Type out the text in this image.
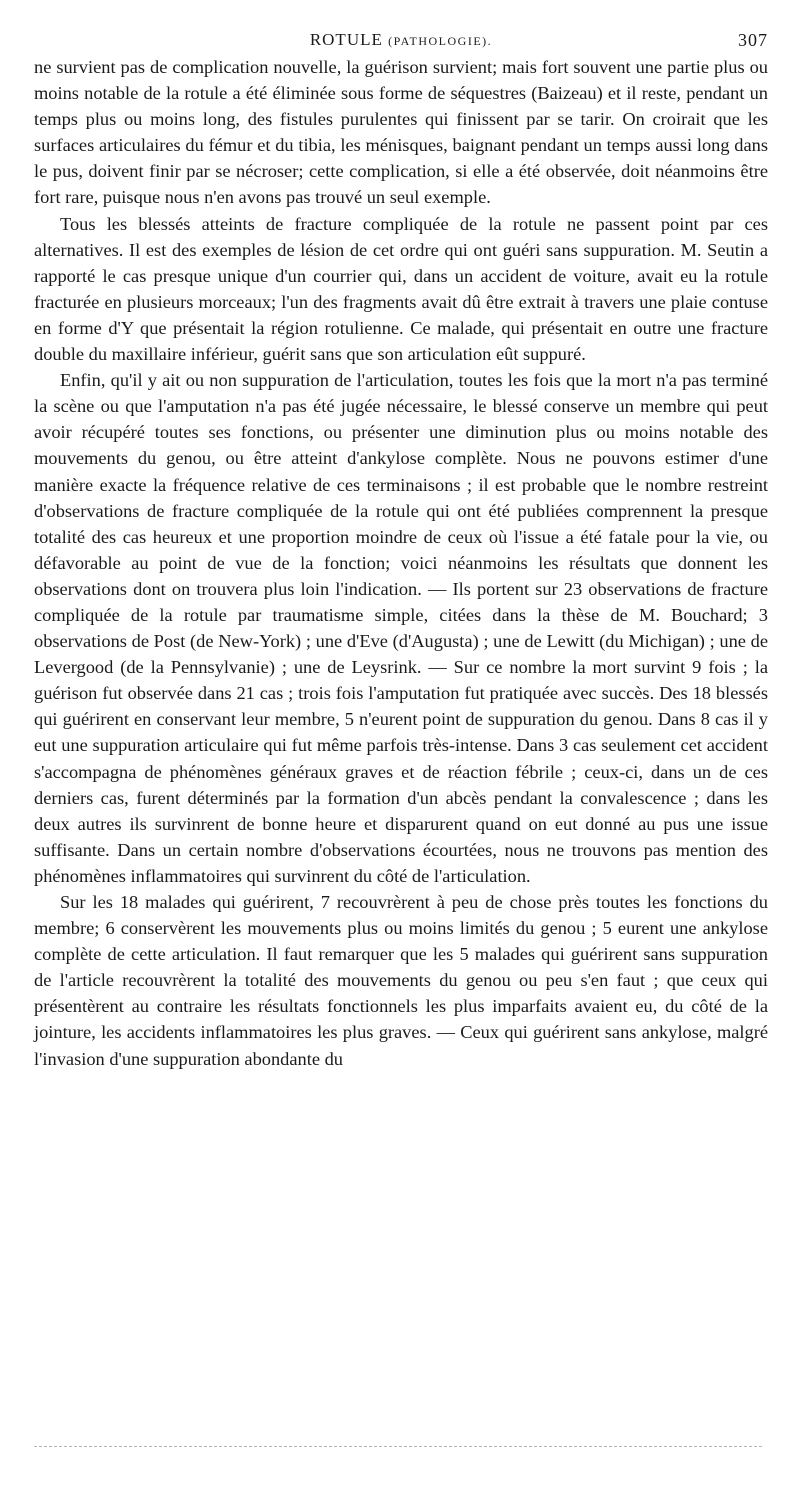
ROTULE (PATHOLOGIE).	307

ne survient pas de complication nouvelle, la guérison survient; mais fort souvent une partie plus ou moins notable de la rotule a été éliminée sous forme de séquestres (Baizeau) et il reste, pendant un temps plus ou moins long, des fistules purulentes qui finissent par se tarir. On croirait que les surfaces articulaires du fémur et du tibia, les ménisques, baignant pendant un temps aussi long dans le pus, doivent finir par se nécroser; cette complication, si elle a été observée, doit néanmoins être fort rare, puisque nous n'en avons pas trouvé un seul exemple.

Tous les blessés atteints de fracture compliquée de la rotule ne passent point par ces alternatives. Il est des exemples de lésion de cet ordre qui ont guéri sans suppuration. M. Seutin a rapporté le cas presque unique d'un courrier qui, dans un accident de voiture, avait eu la rotule fracturée en plusieurs morceaux; l'un des fragments avait dû être extrait à travers une plaie contuse en forme d'Y que présentait la région rotulienne. Ce malade, qui présentait en outre une fracture double du maxillaire inférieur, guérit sans que son articulation eût suppuré.

Enfin, qu'il y ait ou non suppuration de l'articulation, toutes les fois que la mort n'a pas terminé la scène ou que l'amputation n'a pas été jugée nécessaire, le blessé conserve un membre qui peut avoir récupéré toutes ses fonctions, ou présenter une diminution plus ou moins notable des mouvements du genou, ou être atteint d'ankylose complète. Nous ne pouvons estimer d'une manière exacte la fréquence relative de ces terminaisons ; il est probable que le nombre restreint d'observations de fracture compliquée de la rotule qui ont été publiées comprennent la presque totalité des cas heureux et une proportion moindre de ceux où l'issue a été fatale pour la vie, ou défavorable au point de vue de la fonction; voici néanmoins les résultats que donnent les observations dont on trouvera plus loin l'indication. — Ils portent sur 23 observations de fracture compliquée de la rotule par traumatisme simple, citées dans la thèse de M. Bouchard; 3 observations de Post (de New-York) ; une d'Eve (d'Augusta) ; une de Lewitt (du Michigan) ; une de Levergood (de la Pennsylvanie) ; une de Leysrink. — Sur ce nombre la mort survint 9 fois ; la guérison fut observée dans 21 cas ; trois fois l'amputation fut pratiquée avec succès. Des 18 blessés qui guérirent en conservant leur membre, 5 n'eurent point de suppuration du genou. Dans 8 cas il y eut une suppuration articulaire qui fut même parfois très-intense. Dans 3 cas seulement cet accident s'accompagna de phénomènes généraux graves et de réaction fébrile ; ceux-ci, dans un de ces derniers cas, furent déterminés par la formation d'un abcès pendant la convalescence ; dans les deux autres ils survinrent de bonne heure et disparurent quand on eut donné au pus une issue suffisante. Dans un certain nombre d'observations écourtées, nous ne trouvons pas mention des phénomènes inflammatoires qui survinrent du côté de l'articulation.

Sur les 18 malades qui guérirent, 7 recouvrèrent à peu de chose près toutes les fonctions du membre; 6 conservèrent les mouvements plus ou moins limités du genou ; 5 eurent une ankylose complète de cette articulation. Il faut remarquer que les 5 malades qui guérirent sans suppuration de l'article recouvrèrent la totalité des mouvements du genou ou peu s'en faut ; que ceux qui présentèrent au contraire les résultats fonctionnels les plus imparfaits avaient eu, du côté de la jointure, les accidents inflammatoires les plus graves. — Ceux qui guérirent sans ankylose, malgré l'invasion d'une suppuration abondante du
